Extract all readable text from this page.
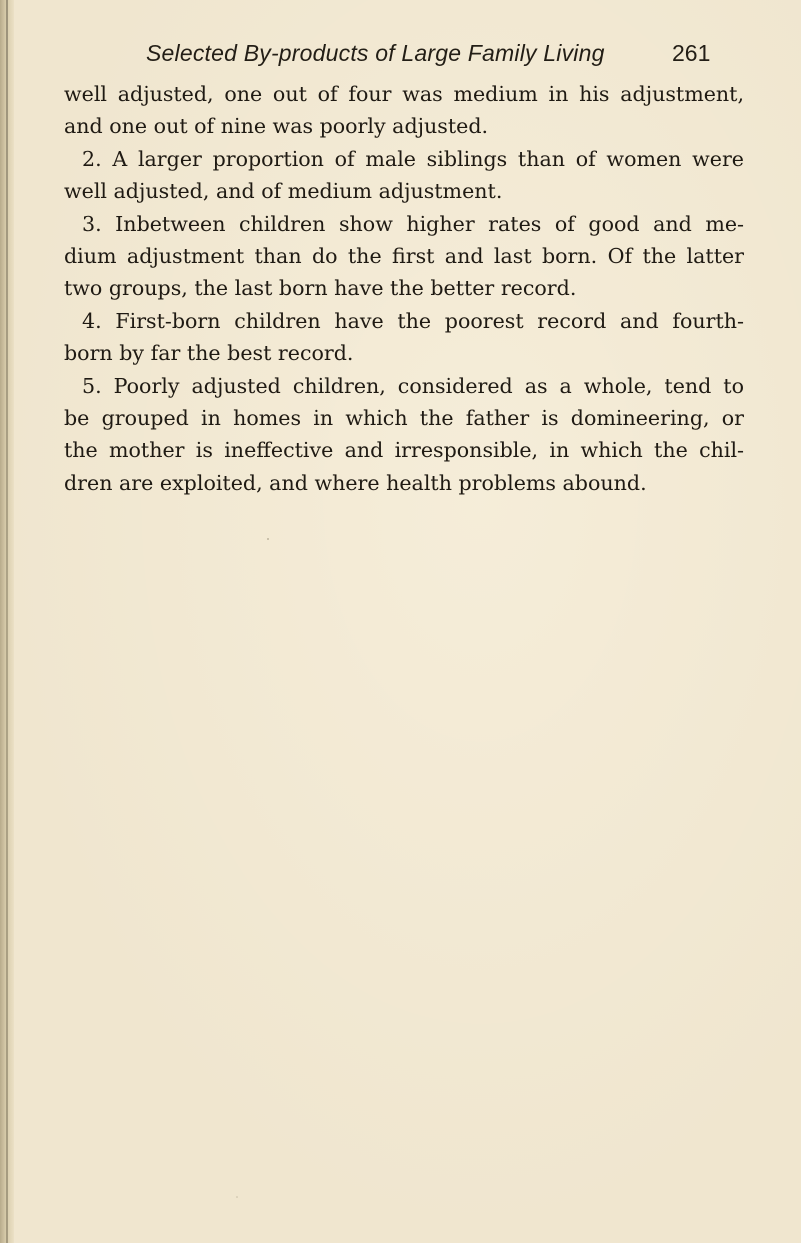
Selected By-products of Large Family Living	261
well adjusted, one out of four was medium in his adjustment,
and one out of nine was poorly adjusted.
2. A larger proportion of male siblings than of women were
well adjusted, and of medium adjustment.
3. Inbetween children show higher rates of good and me-
dium adjustment than do the first and last born. Of the latter
two groups, the last born have the better record.
4. First-born children have the poorest record and fourth-
born by far the best record.
5. Poorly adjusted children, considered as a whole, tend to
be grouped in homes in which the father is domineering, or
the mother is ineffective and irresponsible, in which the chil-
dren are exploited, and where health problems abound.
